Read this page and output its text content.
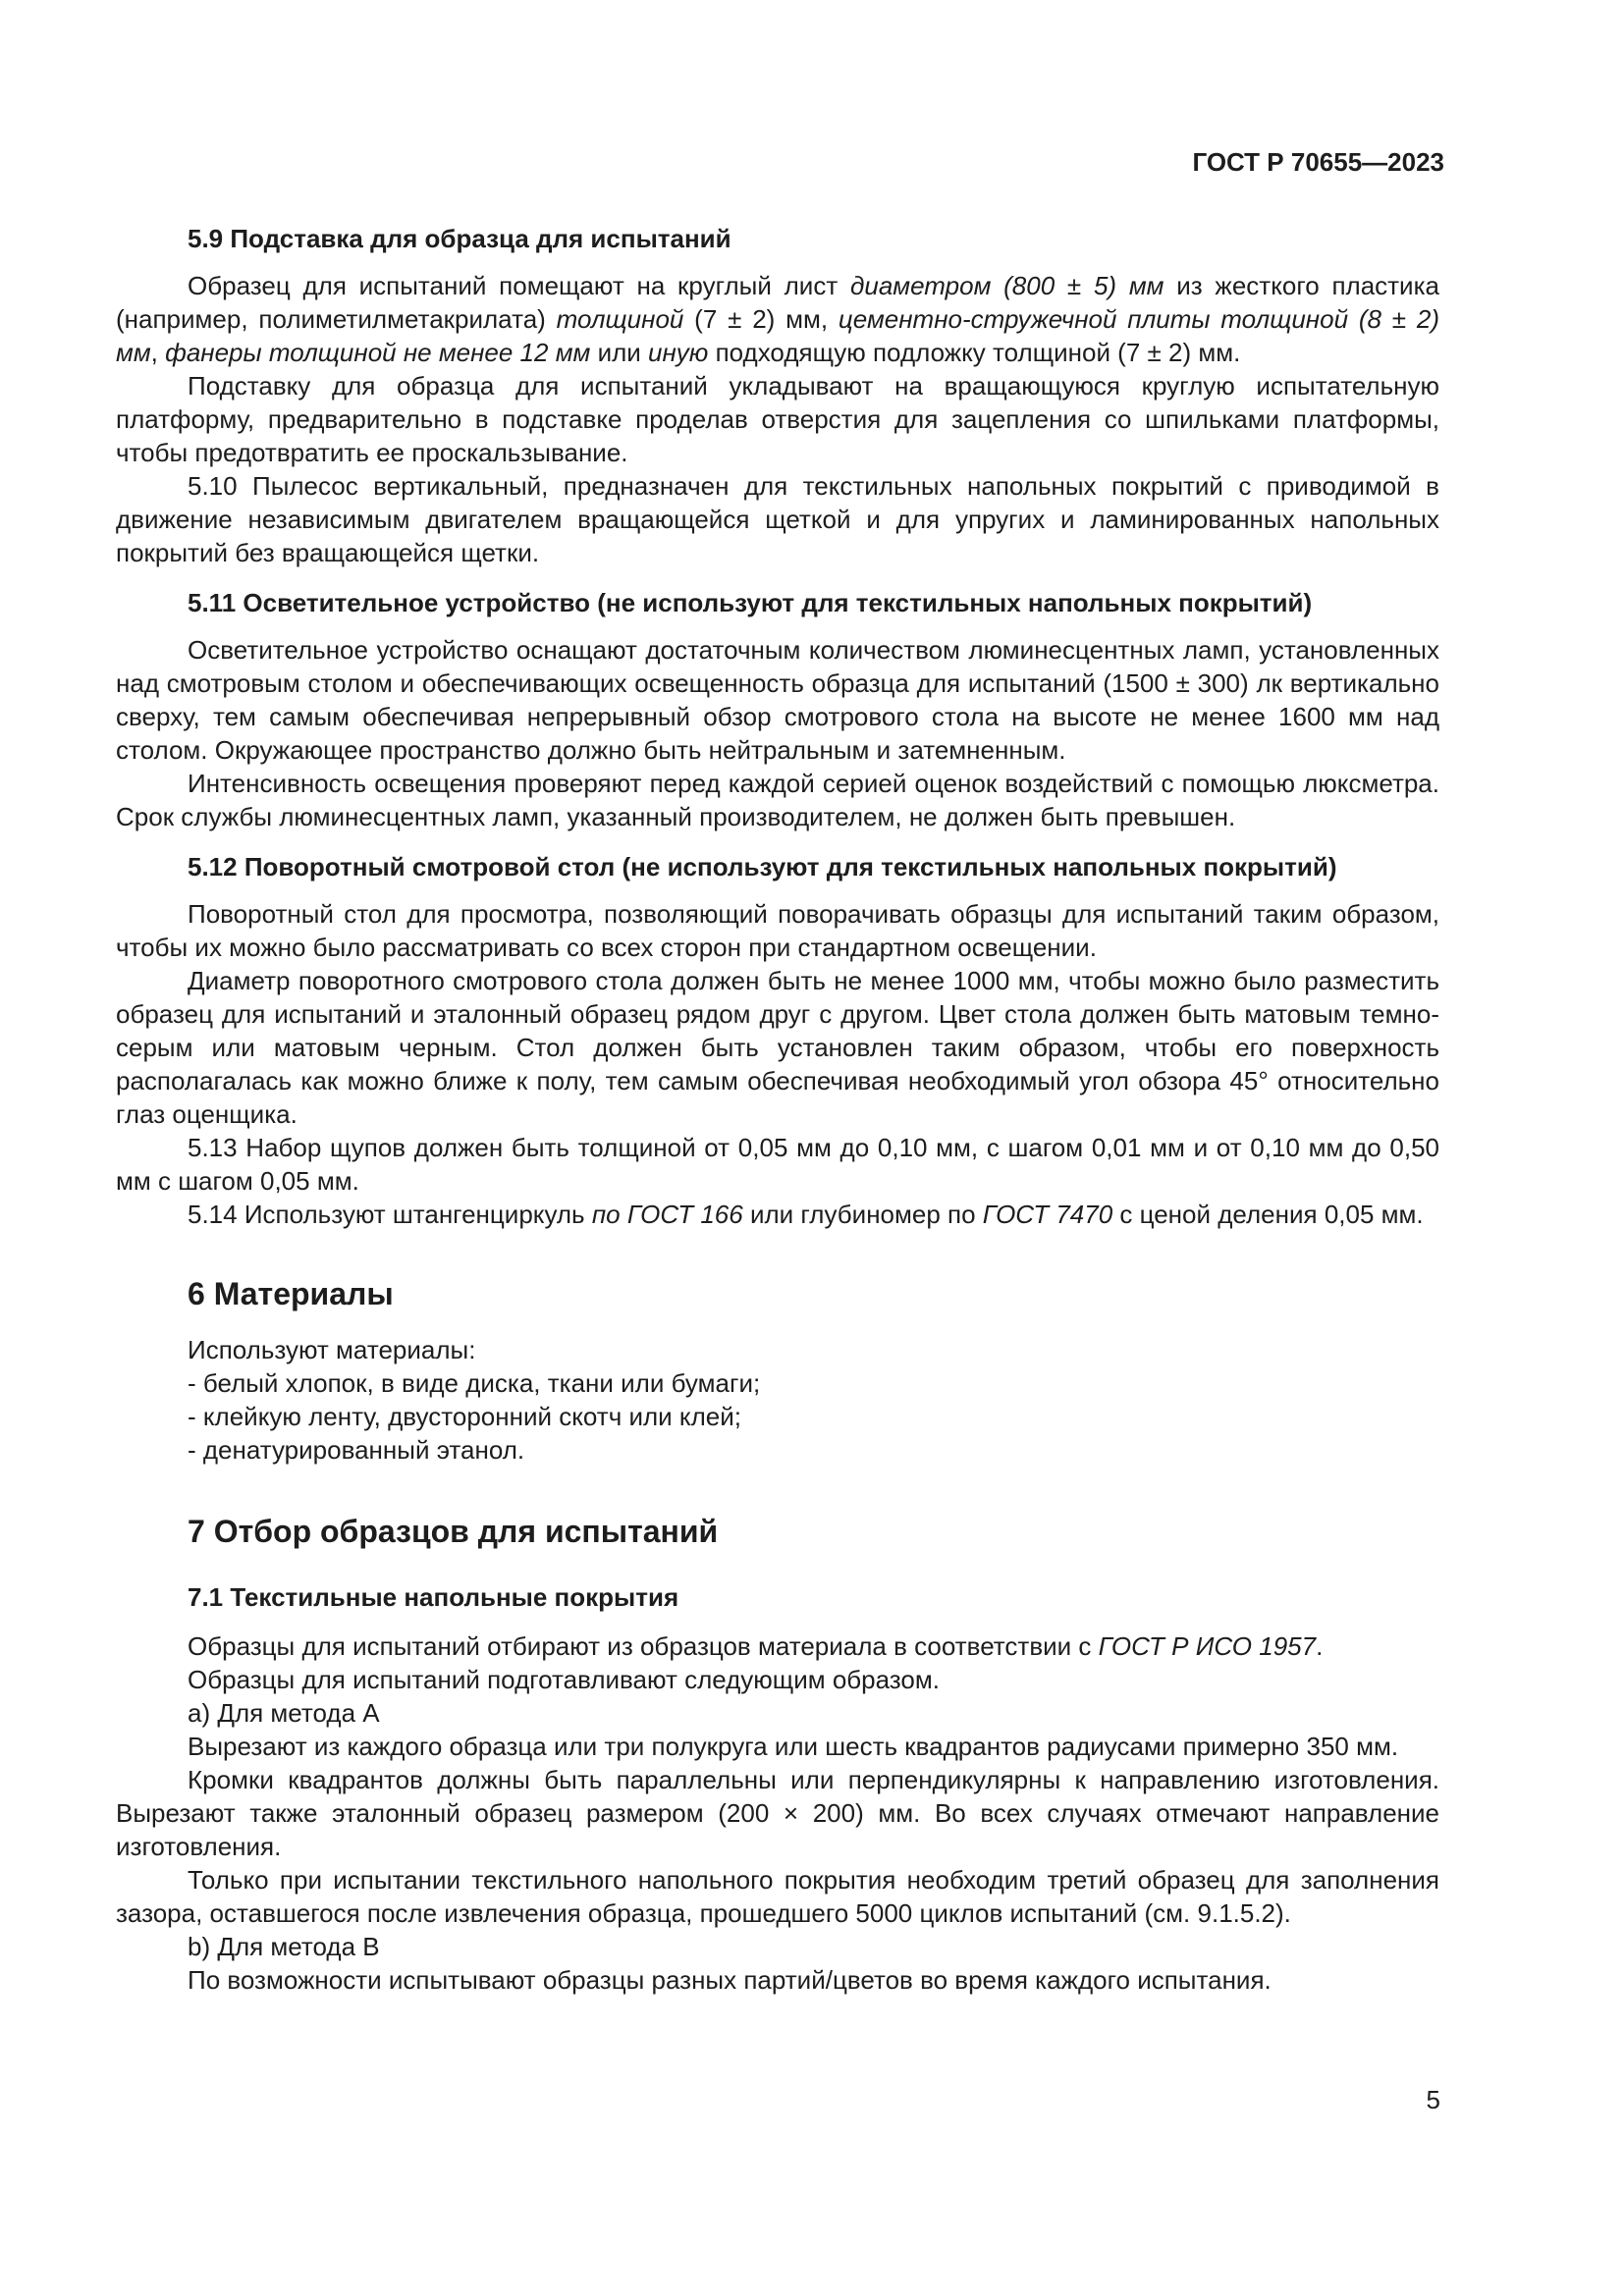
ГОСТ Р 70655—2023

5.9 Подставка для образца для испытаний

Образец для испытаний помещают на круглый лист диаметром (800 ± 5) мм из жесткого пластика (например, полиметилметакрилата) толщиной (7 ± 2) мм, цементно-стружечной плиты толщиной (8 ± 2) мм, фанеры толщиной не менее 12 мм или иную подходящую подложку толщиной (7 ± 2) мм.

Подставку для образца для испытаний укладывают на вращающуюся круглую испытательную платформу, предварительно в подставке проделав отверстия для зацепления со шпильками платформы, чтобы предотвратить ее проскальзывание.

5.10 Пылесос вертикальный, предназначен для текстильных напольных покрытий с приводимой в движение независимым двигателем вращающейся щеткой и для упругих и ламинированных напольных покрытий без вращающейся щетки.

5.11 Осветительное устройство (не используют для текстильных напольных покрытий)

Осветительное устройство оснащают достаточным количеством люминесцентных ламп, установленных над смотровым столом и обеспечивающих освещенность образца для испытаний (1500 ± 300) лк вертикально сверху, тем самым обеспечивая непрерывный обзор смотрового стола на высоте не менее 1600 мм над столом. Окружающее пространство должно быть нейтральным и затемненным.

Интенсивность освещения проверяют перед каждой серией оценок воздействий с помощью люксметра. Срок службы люминесцентных ламп, указанный производителем, не должен быть превышен.

5.12 Поворотный смотровой стол (не используют для текстильных напольных покрытий)

Поворотный стол для просмотра, позволяющий поворачивать образцы для испытаний таким образом, чтобы их можно было рассматривать со всех сторон при стандартном освещении.

Диаметр поворотного смотрового стола должен быть не менее 1000 мм, чтобы можно было разместить образец для испытаний и эталонный образец рядом друг с другом. Цвет стола должен быть матовым темно-серым или матовым черным. Стол должен быть установлен таким образом, чтобы его поверхность располагалась как можно ближе к полу, тем самым обеспечивая необходимый угол обзора 45° относительно глаз оценщика.

5.13 Набор щупов должен быть толщиной от 0,05 мм до 0,10 мм, с шагом 0,01 мм и от 0,10 мм до 0,50 мм с шагом 0,05 мм.

5.14 Используют штангенциркуль по ГОСТ 166 или глубиномер по ГОСТ 7470 с ценой деления 0,05 мм.

6 Материалы

Используют материалы:

- белый хлопок, в виде диска, ткани или бумаги;

- клейкую ленту, двусторонний скотч или клей;

- денатурированный этанол.

7 Отбор образцов для испытаний

7.1 Текстильные напольные покрытия

Образцы для испытаний отбирают из образцов материала в соответствии с ГОСТ Р ИСО 1957.

Образцы для испытаний подготавливают следующим образом.

a) Для метода А

Вырезают из каждого образца или три полукруга или шесть квадрантов радиусами примерно 350 мм.

Кромки квадрантов должны быть параллельны или перпендикулярны к направлению изготовления. Вырезают также эталонный образец размером (200 × 200) мм. Во всех случаях отмечают направление изготовления.

Только при испытании текстильного напольного покрытия необходим третий образец для заполнения зазора, оставшегося после извлечения образца, прошедшего 5000 циклов испытаний (см. 9.1.5.2).

b) Для метода В

По возможности испытывают образцы разных партий/цветов во время каждого испытания.

5
